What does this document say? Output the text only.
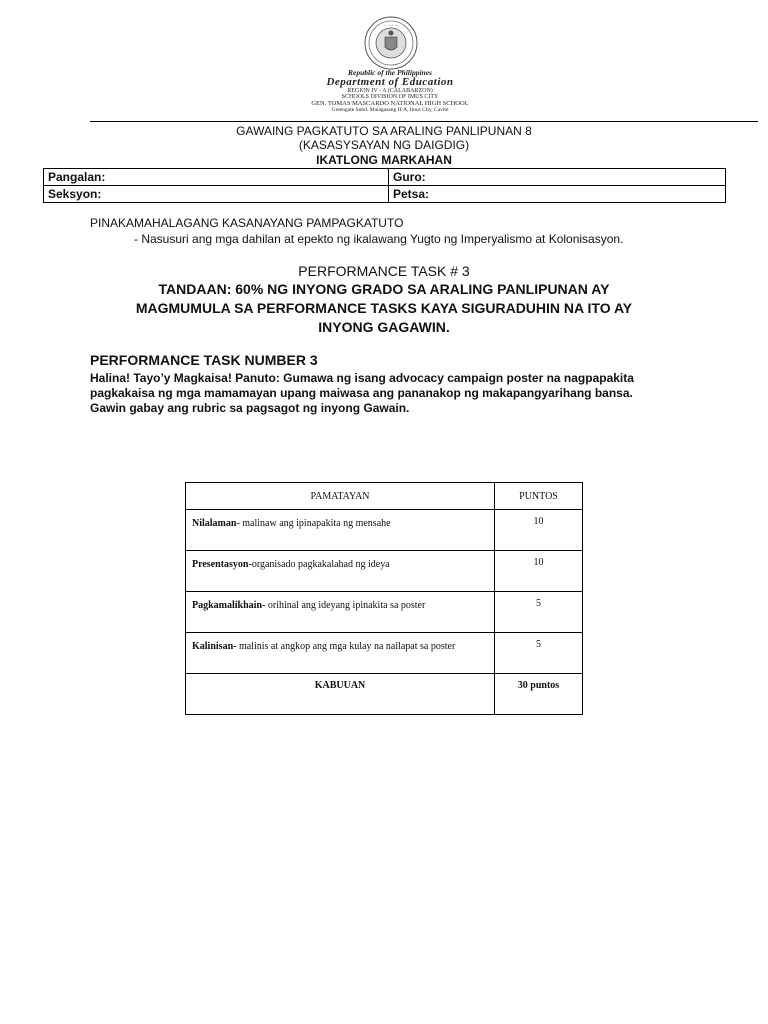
• • • • • •
Republic of the Philippines
Department of Education
REGION IV - A (CALABARZON)
SCHOOLS DIVISION OF IMUS CITY
GEN. TOMAS MASCARDO NATIONAL HIGH SCHOOL
Greengate Subd. Malagasang II-A, Imus City, Cavite
GAWAING PAGKATUTO SA ARALING PANLIPUNAN 8
(KASASYSAYAN NG DAIGDIG)
IKATLONG MARKAHAN
Pangalan:	Guro:
Seksyon:	Petsa:
PINAKAMAHALAGANG KASANAYANG PAMPAGKATUTO
- Nasusuri ang mga dahilan at epekto ng ikalawang Yugto ng Imperyalismo at Kolonisasyon.
PERFORMANCE TASK # 3
TANDAAN: 60% NG INYONG GRADO SA ARALING PANLIPUNAN AY
MAGMUMULA SA PERFORMANCE TASKS KAYA SIGURADUHIN NA ITO AY
INYONG GAGAWIN.
PERFORMANCE TASK NUMBER 3
Halina! Tayo’y Magkaisa! Panuto: Gumawa ng isang advocacy campaign poster na nagpapakita
pagkakaisa ng mga mamamayan upang maiwasa ang pananakop ng makapangyarihang bansa.
Gawin gabay ang rubric sa pagsagot ng inyong Gawain.
PAMATAYAN	PUNTOS
Nilalaman- malinaw ang ipinapakita ng mensahe	10
Presentasyon-organisado pagkakalahad ng ideya	10
Pagkamalikhain- orihinal ang ideyang ipinakita sa poster	5
Kalinisan- malinis at angkop ang mga kulay na nailapat sa poster	5
KABUUAN	30 puntos
